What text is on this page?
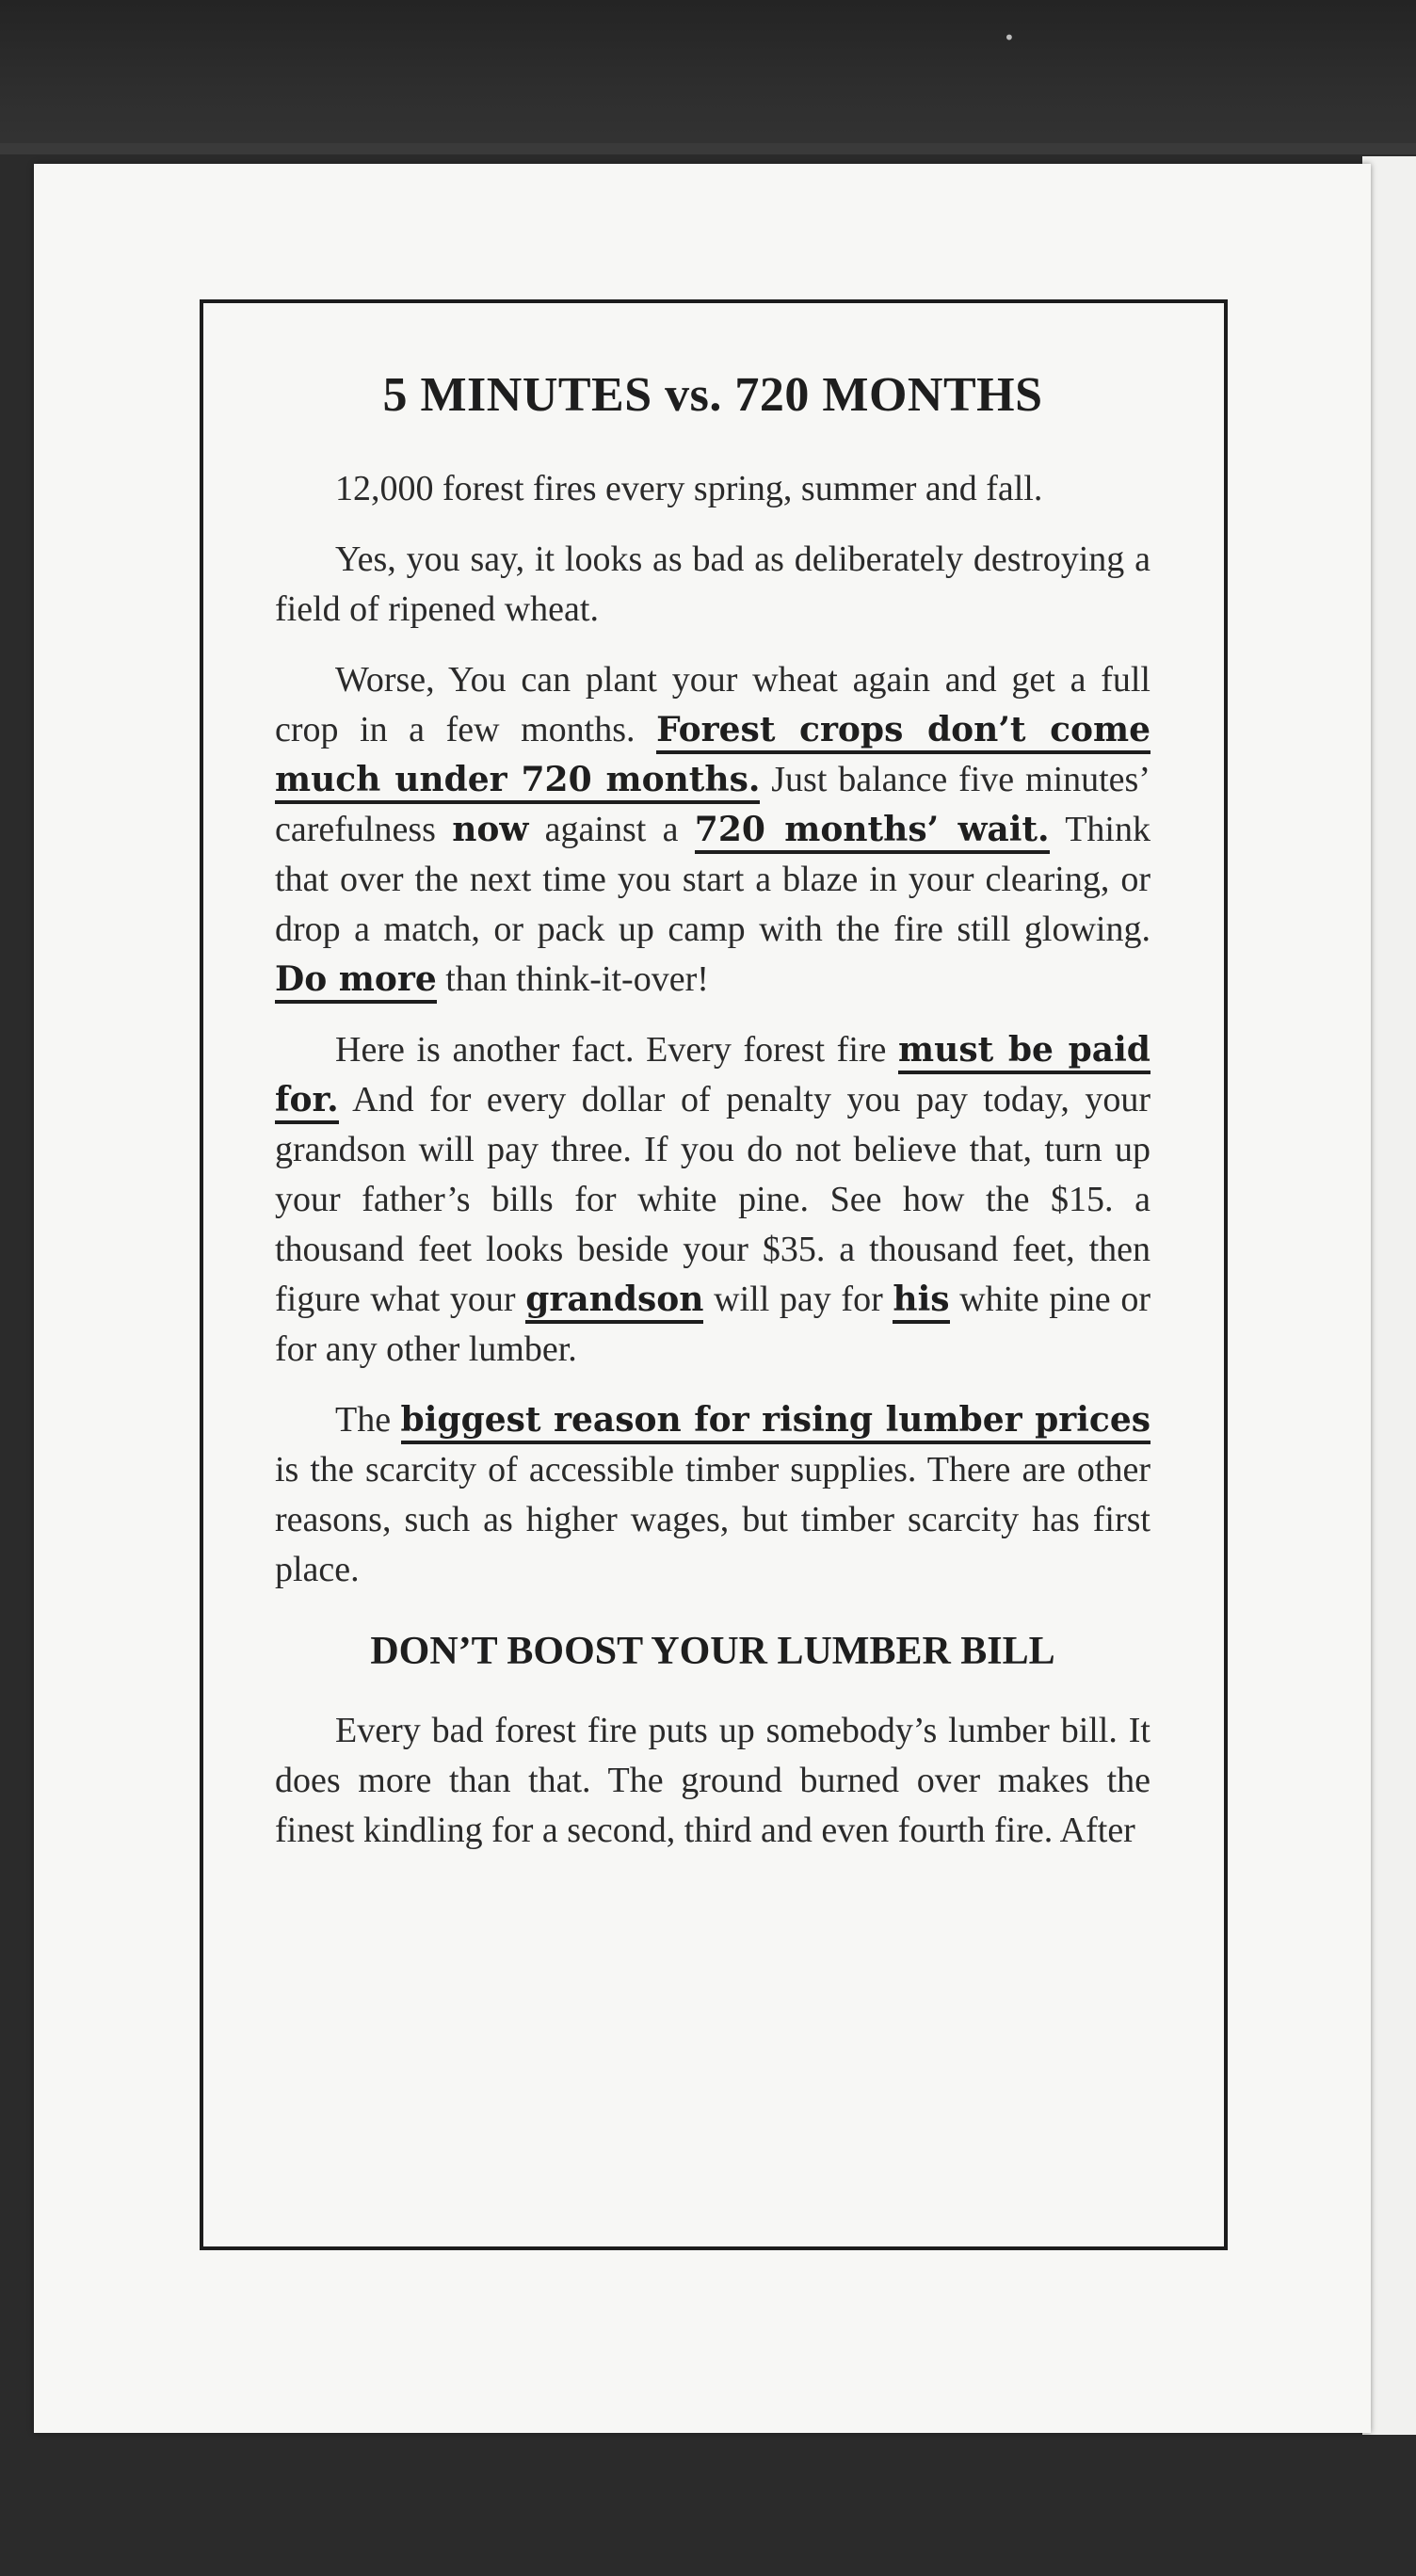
•
5 MINUTES vs. 720 MONTHS

12,000 forest fires every spring, summer and fall.

Yes, you say, it looks as bad as deliberately destroying a field of ripened wheat.

Worse, You can plant your wheat again and get a full crop in a few months. Forest crops don’t come much under 720 months. Just balance five minutes’ carefulness now against a 720 months’ wait. Think that over the next time you start a blaze in your clearing, or drop a match, or pack up camp with the fire still glowing. Do more than think-it-over!

Here is another fact. Every forest fire must be paid for. And for every dollar of penalty you pay today, your grandson will pay three. If you do not believe that, turn up your father’s bills for white pine. See how the $15. a thousand feet looks beside your $35. a thousand feet, then figure what your grandson will pay for his white pine or for any other lumber.

The biggest reason for rising lumber prices is the scarcity of accessible timber supplies. There are other reasons, such as higher wages, but timber scarcity has first place.

DON’T BOOST YOUR LUMBER BILL

Every bad forest fire puts up somebody’s lumber bill. It does more than that. The ground burned over makes the finest kindling for a second, third and even fourth fire. After
